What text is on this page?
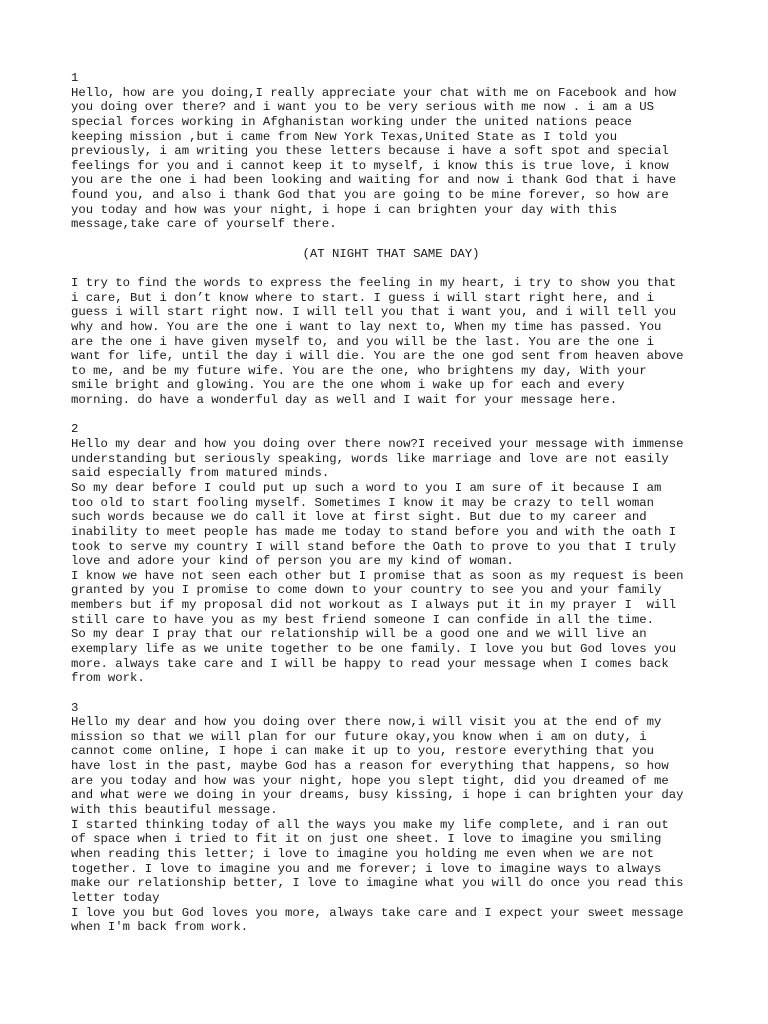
1
Hello, how are you doing,I really appreciate your chat with me on Facebook and how
you doing over there? and i want you to be very serious with me now . i am a US
special forces working in Afghanistan working under the united nations peace
keeping mission ,but i came from New York Texas,United State as I told you
previously, i am writing you these letters because i have a soft spot and special
feelings for you and i cannot keep it to myself, i know this is true love, i know
you are the one i had been looking and waiting for and now i thank God that i have
found you, and also i thank God that you are going to be mine forever, so how are
you today and how was your night, i hope i can brighten your day with this
message,take care of yourself there.
(AT NIGHT THAT SAME DAY)
I try to find the words to express the feeling in my heart, i try to show you that
i care, But i don’t know where to start. I guess i will start right here, and i
guess i will start right now. I will tell you that i want you, and i will tell you
why and how. You are the one i want to lay next to, When my time has passed. You
are the one i have given myself to, and you will be the last. You are the one i
want for life, until the day i will die. You are the one god sent from heaven above
to me, and be my future wife. You are the one, who brightens my day, With your
smile bright and glowing. You are the one whom i wake up for each and every
morning. do have a wonderful day as well and I wait for your message here.
2
Hello my dear and how you doing over there now?I received your message with immense
understanding but seriously speaking, words like marriage and love are not easily
said especially from matured minds.
So my dear before I could put up such a word to you I am sure of it because I am
too old to start fooling myself. Sometimes I know it may be crazy to tell woman
such words because we do call it love at first sight. But due to my career and
inability to meet people has made me today to stand before you and with the oath I
took to serve my country I will stand before the Oath to prove to you that I truly
love and adore your kind of person you are my kind of woman.
I know we have not seen each other but I promise that as soon as my request is been
granted by you I promise to come down to your country to see you and your family
members but if my proposal did not workout as I always put it in my prayer I  will
still care to have you as my best friend someone I can confide in all the time.
So my dear I pray that our relationship will be a good one and we will live an
exemplary life as we unite together to be one family. I love you but God loves you
more. always take care and I will be happy to read your message when I comes back
from work.
3
Hello my dear and how you doing over there now,i will visit you at the end of my
mission so that we will plan for our future okay,you know when i am on duty, i
cannot come online, I hope i can make it up to you, restore everything that you
have lost in the past, maybe God has a reason for everything that happens, so how
are you today and how was your night, hope you slept tight, did you dreamed of me
and what were we doing in your dreams, busy kissing, i hope i can brighten your day
with this beautiful message.
I started thinking today of all the ways you make my life complete, and i ran out
of space when i tried to fit it on just one sheet. I love to imagine you smiling
when reading this letter; i love to imagine you holding me even when we are not
together. I love to imagine you and me forever; i love to imagine ways to always
make our relationship better, I love to imagine what you will do once you read this
letter today
I love you but God loves you more, always take care and I expect your sweet message
when I'm back from work.
